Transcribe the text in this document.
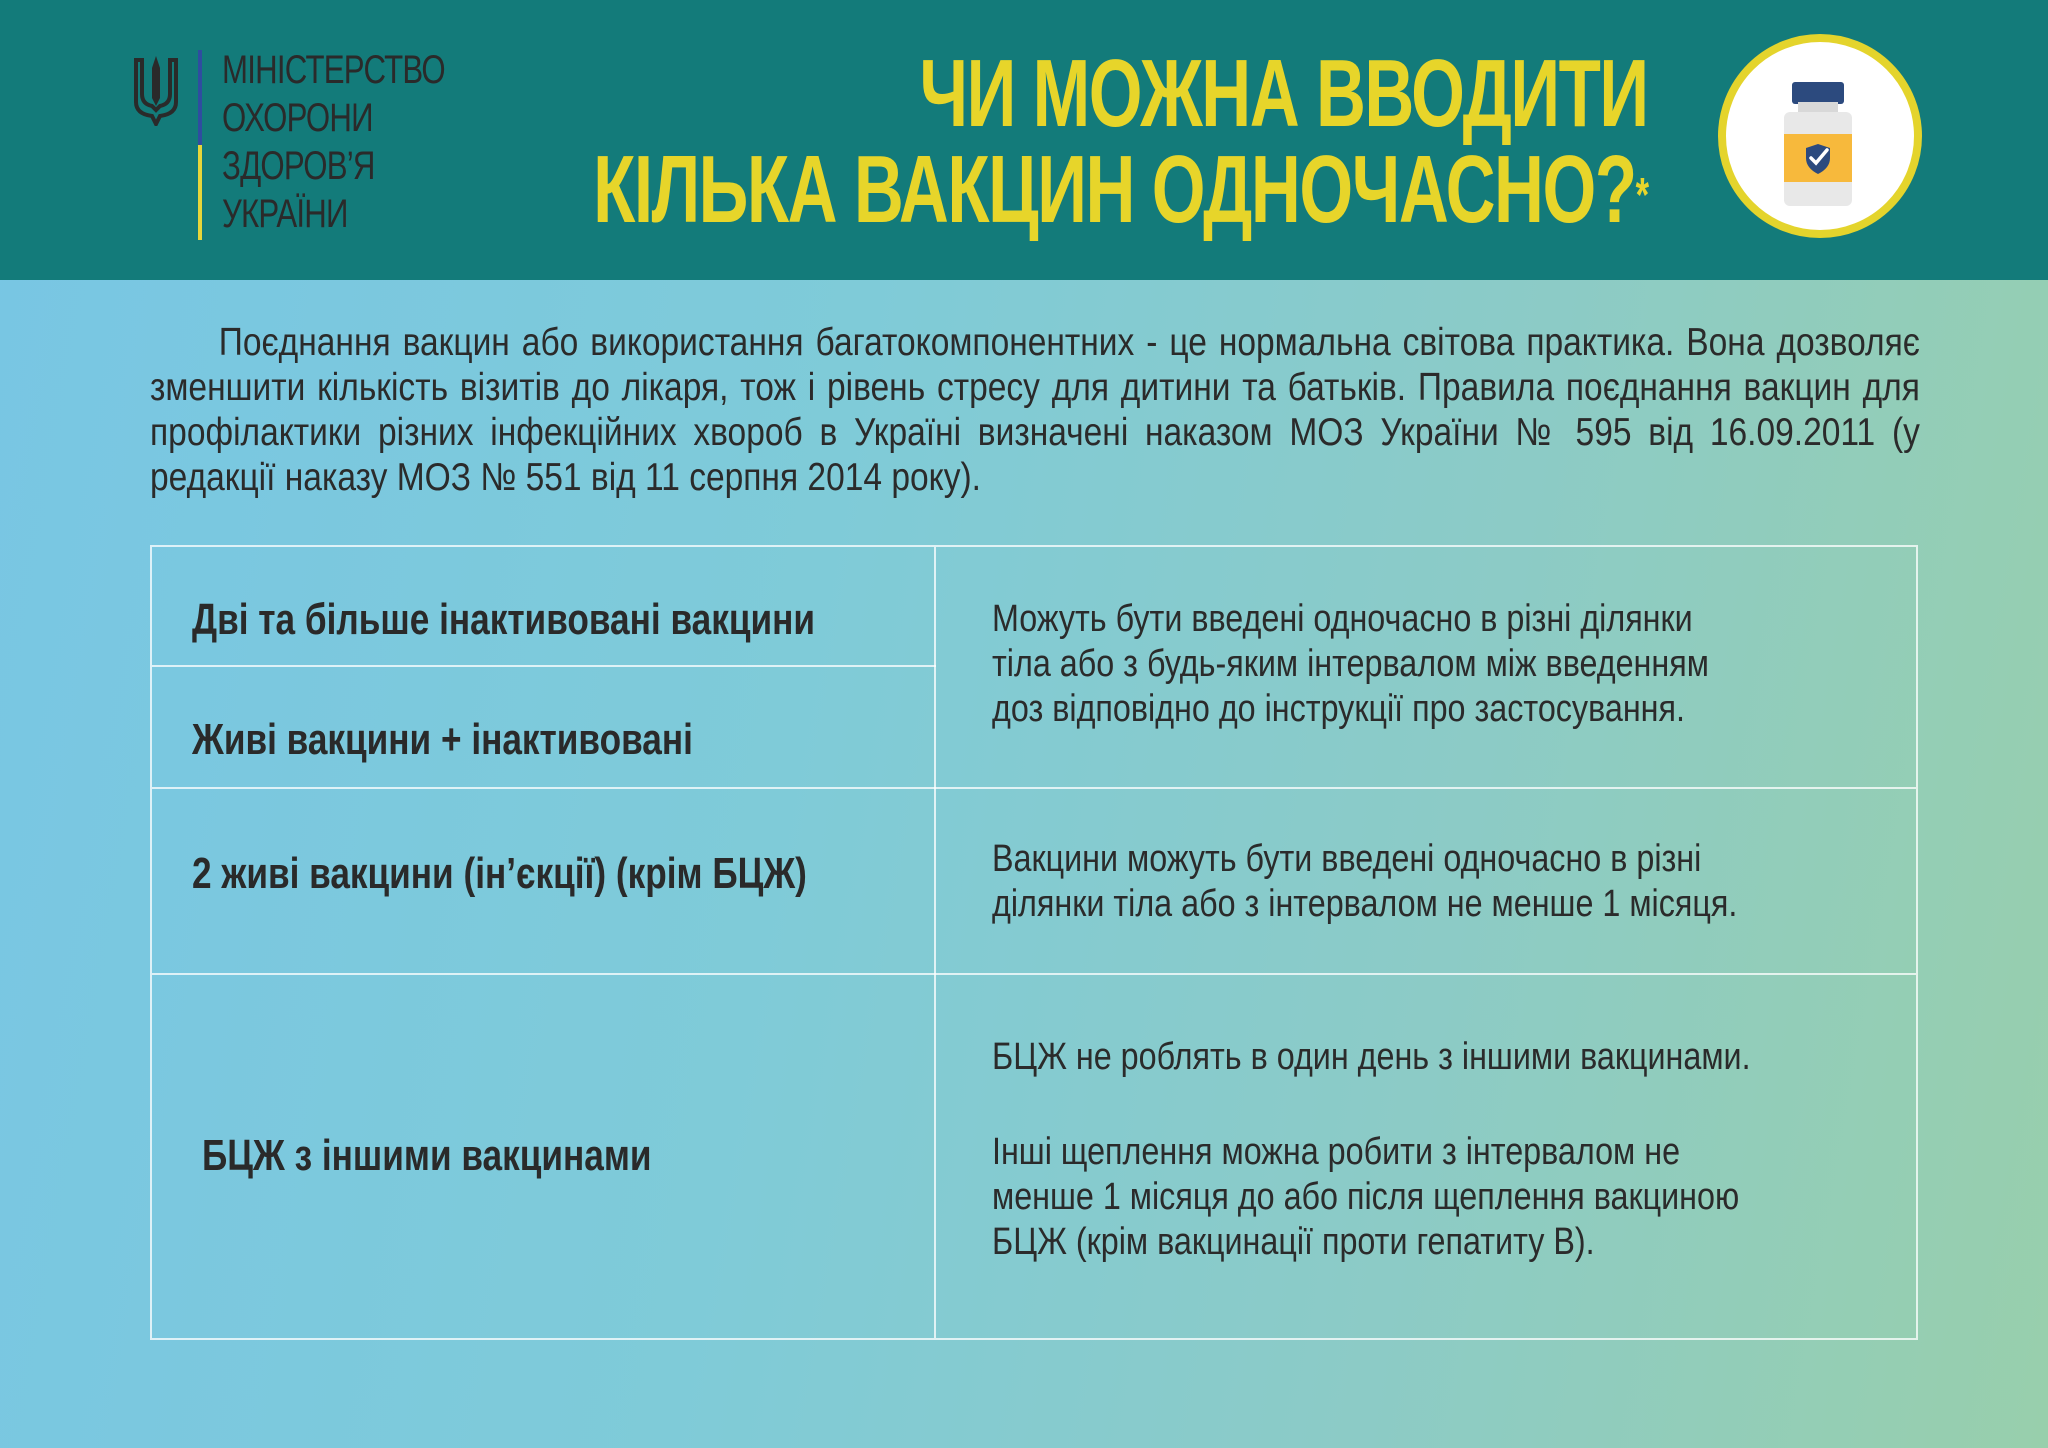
МІНІСТЕРСТВО
ОХОРОНИ
ЗДОРОВ’Я
УКРАЇНИ
ЧИ МОЖНА ВВОДИТИ
КІЛЬКА ВАКЦИН ОДНОЧАСНО?*

Поєднання вакцин або використання багатокомпонентних - це нормальна світова практика. Вона дозволяє зменшити кількість візитів до лікаря, тож і рівень стресу для дитини та батьків. Правила поєднання вакцин для профілактики різних інфекційних хвороб в Україні визначені наказом МОЗ України № 595 від 16.09.2011 (у редакції наказу МОЗ № 551 від 11 серпня 2014 року).

Дві та більше інактивовані вакцини
Живі вакцини + інактивовані
Можуть бути введені одночасно в різні ділянки
тіла або з будь-яким інтервалом між введенням
доз відповідно до інструкції про застосування.
2 живі вакцини (ін’єкції) (крім БЦЖ)	Вакцини можуть бути введені одночасно в різні
ділянки тіла або з інтервалом не менше 1 місяця.
БЦЖ з іншими вакцинами
БЦЖ не роблять в один день з іншими вакцинами.
Інші щеплення можна робити з інтервалом не
менше 1 місяця до або після щеплення вакциною
БЦЖ (крім вакцинації проти гепатиту В).
